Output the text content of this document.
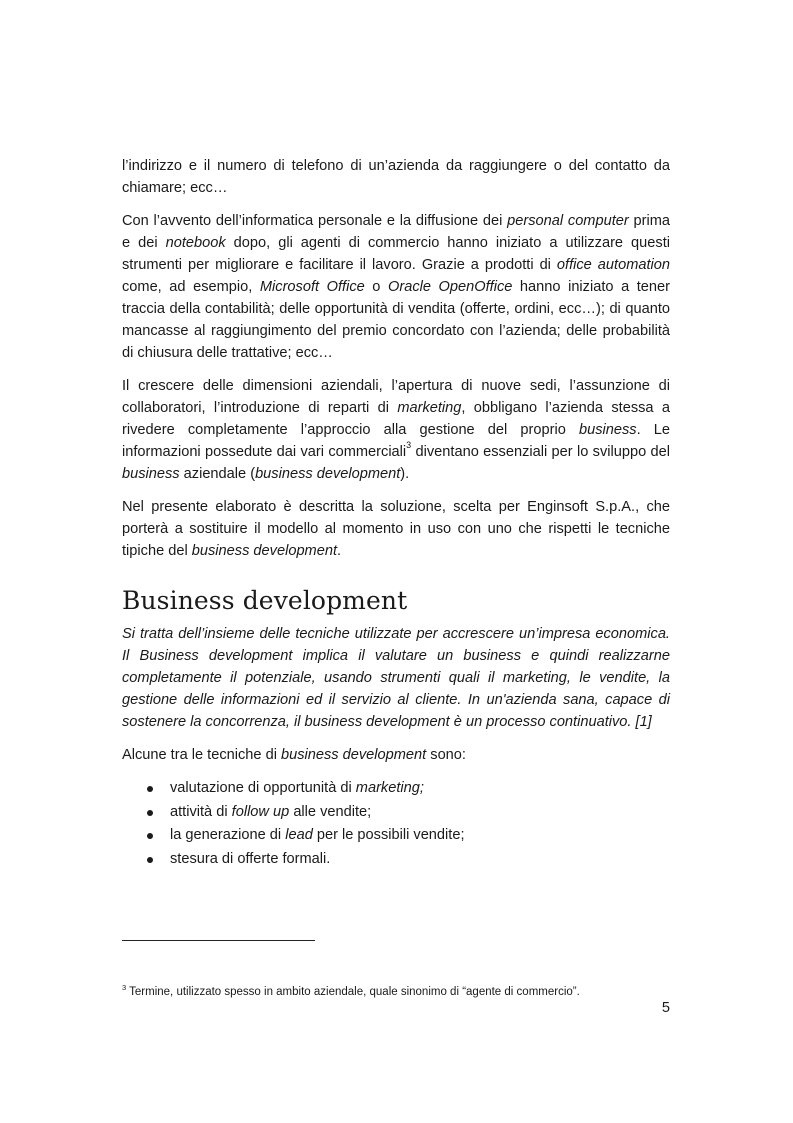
l’indirizzo e il numero di telefono di un’azienda da raggiungere o del contatto da chiamare; ecc…

Con l’avvento dell’informatica personale e la diffusione dei personal computer prima e dei notebook dopo, gli agenti di commercio hanno iniziato a utilizzare questi strumenti per migliorare e facilitare il lavoro. Grazie a prodotti di office automation come, ad esempio, Microsoft Office o Oracle OpenOffice hanno iniziato a tener traccia della contabilità; delle opportunità di vendita (offerte, ordini, ecc…); di quanto mancasse al raggiungimento del premio concordato con l’azienda; delle probabilità di chiusura delle trattative; ecc…

Il crescere delle dimensioni aziendali, l’apertura di nuove sedi, l’assunzione di collaboratori, l’introduzione di reparti di marketing, obbligano l’azienda stessa a rivedere completamente l’approccio alla gestione del proprio business. Le informazioni possedute dai vari commerciali$^3$ diventano essenziali per lo sviluppo del business aziendale (business development).

Nel presente elaborato è descritta la soluzione, scelta per Enginsoft S.p.A., che porterà a sostituire il modello al momento in uso con uno che rispetti le tecniche tipiche del business development.

Business development

Si tratta dell’insieme delle tecniche utilizzate per accrescere un’impresa economica. Il Business development implica il valutare un business e quindi realizzarne completamente il potenziale, usando strumenti quali il marketing, le vendite, la gestione delle informazioni ed il servizio al cliente. In un'azienda sana, capace di sostenere la concorrenza, il business development è un processo continuativo. [1]

Alcune tra le tecniche di business development sono:

valutazione di opportunità di marketing;
attività di follow up alle vendite;
la generazione di lead per le possibili vendite;
stesura di offerte formali.
$^3$ Termine, utilizzato spesso in ambito aziendale, quale sinonimo di “agente di commercio”.
5
